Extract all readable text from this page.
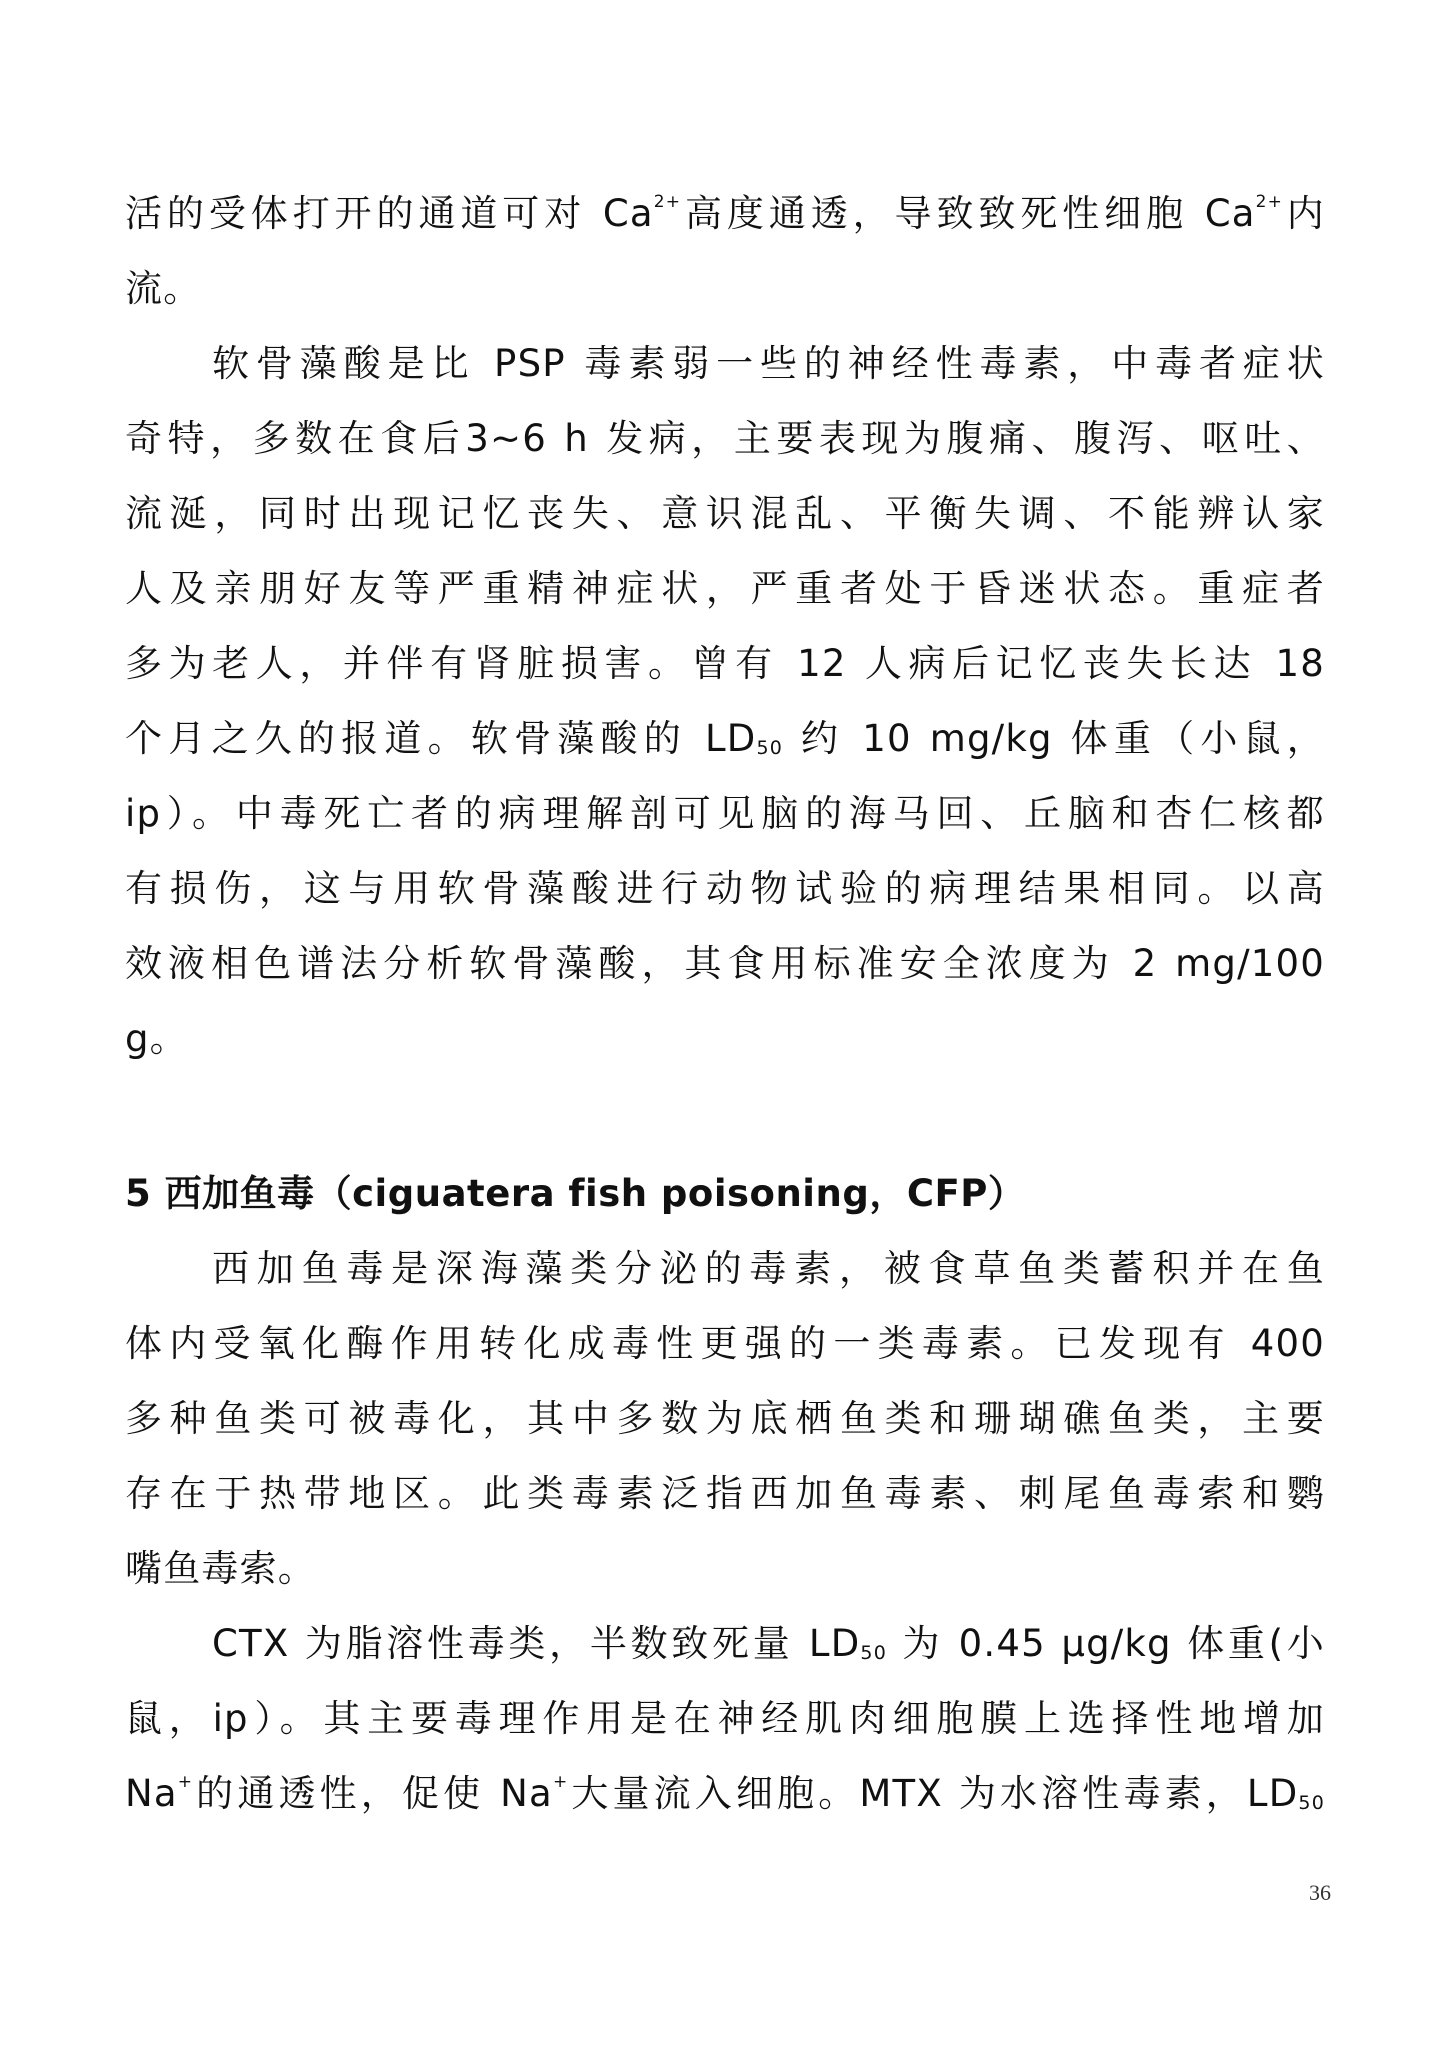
活的受体打开的通道可对 $Ca^{2+}$高度通透，导致致死性细胞 $Ca^{2+}$内
流。
软骨藻酸是比 PSP 毒素弱一些的神经性毒素，中毒者症状
奇特，多数在食后3~6 h 发病，主要表现为腹痛、腹泻、呕吐、
流涎，同时出现记忆丧失、意识混乱、平衡失调、不能辨认家
人及亲朋好友等严重精神症状，严重者处于昏迷状态。重症者
多为老人，并伴有肾脏损害。曾有 12 人病后记忆丧失长达 18
个月之久的报道。软骨藻酸的 $LD_{50}$ 约 10 mg/kg 体重（小鼠，
ip）。中毒死亡者的病理解剖可见脑的海马回、丘脑和杏仁核都
有损伤，这与用软骨藻酸进行动物试验的病理结果相同。以高
效液相色谱法分析软骨藻酸，其食用标准安全浓度为 2 mg/100
g。
5 西加鱼毒（ciguatera fish poisoning，CFP）
西加鱼毒是深海藻类分泌的毒素，被食草鱼类蓄积并在鱼
体内受氧化酶作用转化成毒性更强的一类毒素。已发现有 400
多种鱼类可被毒化，其中多数为底栖鱼类和珊瑚礁鱼类，主要
存在于热带地区。此类毒素泛指西加鱼毒素、刺尾鱼毒索和鹦
嘴鱼毒索。
CTX 为脂溶性毒类，半数致死量 $LD_{50}$ 为 0.45 μg/kg 体重(小
鼠，ip）。其主要毒理作用是在神经肌肉细胞膜上选择性地增加
Na+的通透性，促使 Na+大量流入细胞。MTX 为水溶性毒素，$LD_{50}$
36
